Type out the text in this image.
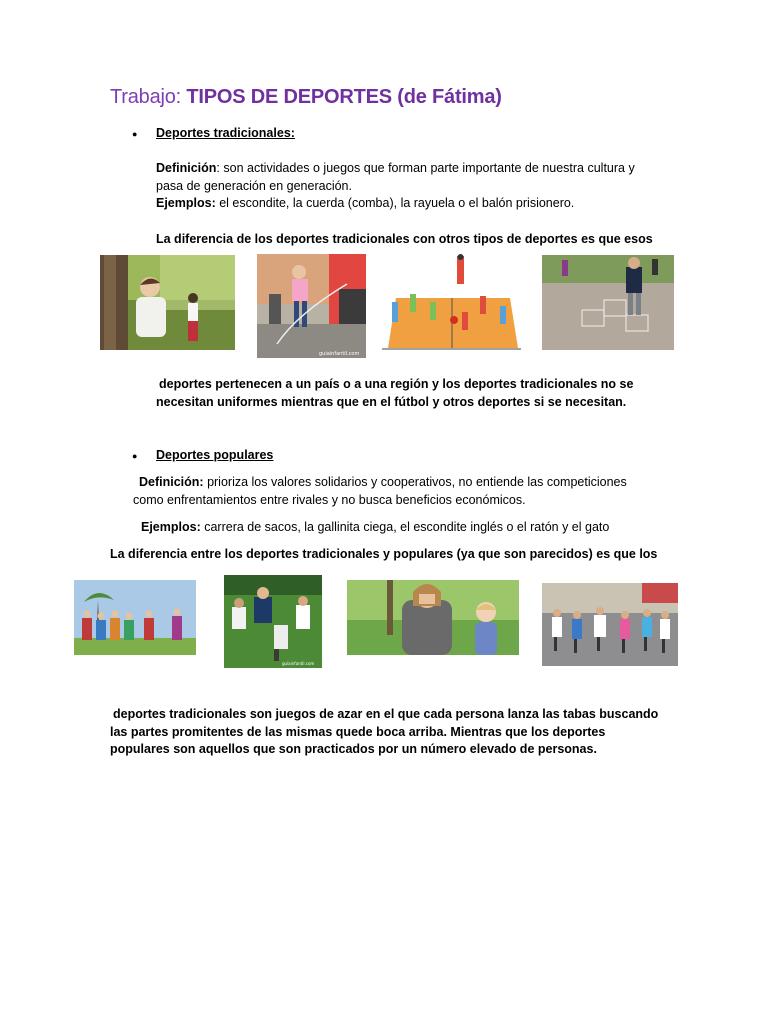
Trabajo: TIPOS DE DEPORTES (de Fátima)
● Deportes tradicionales:
Definición: son actividades o juegos que forman parte importante de nuestra cultura y
pasa de generación en generación.
Ejemplos: el escondite, la cuerda (comba), la rayuela o el balón prisionero.
La diferencia de los deportes tradicionales con otros tipos de deportes es que esos
guiainfantil.com
deportes pertenecen a un país o a una región y los deportes tradicionales no se
necesitan uniformes mientras que en el fútbol y otros deportes si se necesitan.
● Deportes populares
Definición: prioriza los valores solidarios y cooperativos, no entiende las competiciones
como enfrentamientos entre rivales y no busca beneficios económicos.
Ejemplos: carrera de sacos, la gallinita ciega, el escondite inglés o el ratón y el gato
La diferencia entre los deportes tradicionales y populares (ya que son parecidos) es que los
guiainfantil.com
deportes tradicionales son juegos de azar en el que cada persona lanza las tabas buscando
las partes promitentes de las mismas quede boca arriba. Mientras que los deportes
populares son aquellos que son practicados por un número elevado de personas.
